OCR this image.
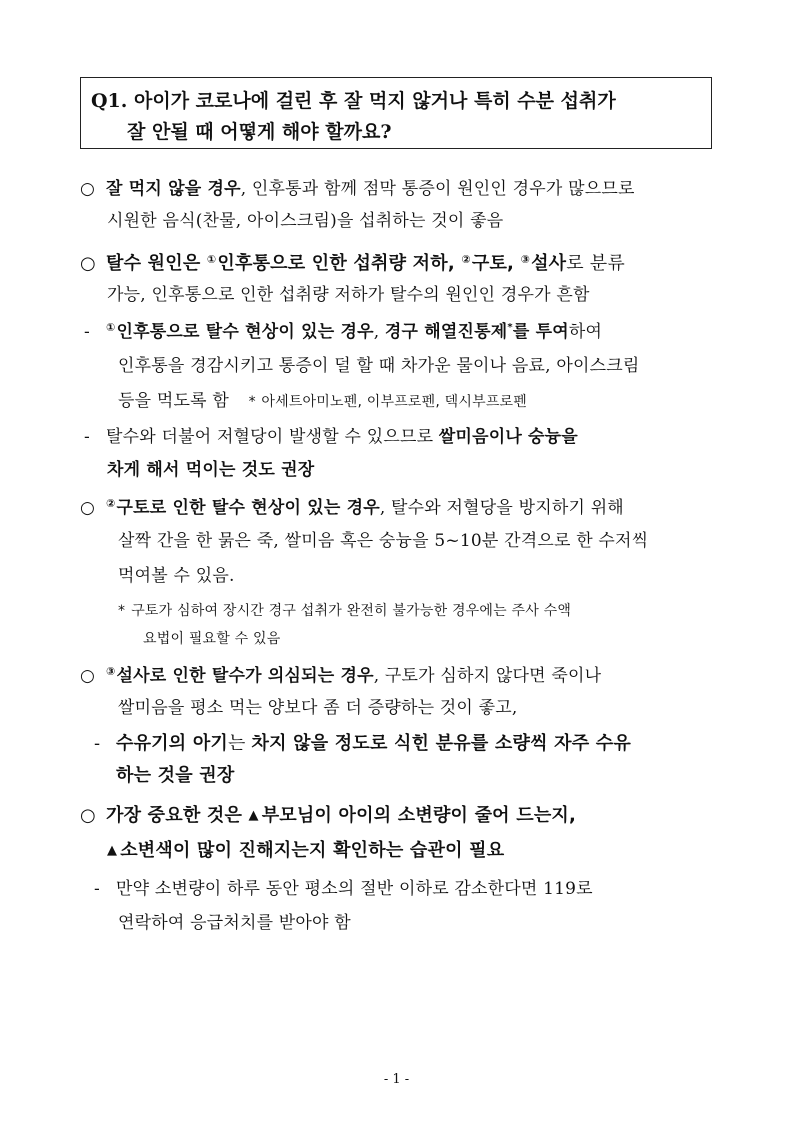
Q1. 아이가 코로나에 걸린 후 잘 먹지 않거나 특히 수분 섭취가
잘 안될 때 어떻게 해야 할까요?
○ 잘 먹지 않을 경우, 인후통과 함께 점막 통증이 원인인 경우가 많으므로
시원한 음식(찬물, 아이스크림)을 섭취하는 것이 좋음
○ 탈수 원인은 ①인후통으로 인한 섭취량 저하, ②구토, ③설사로 분류
가능, 인후통으로 인한 섭취량 저하가 탈수의 원인인 경우가 흔함
- ①인후통으로 탈수 현상이 있는 경우, 경구 해열진통제*를 투여하여
인후통을 경감시키고 통증이 덜 할 때 차가운 물이나 음료, 아이스크림
등을 먹도록 함 * 아세트아미노펜, 이부프로펜, 덱시부프로펜
- 탈수와 더불어 저혈당이 발생할 수 있으므로 쌀미음이나 숭늉을
차게 해서 먹이는 것도 권장
○ ②구토로 인한 탈수 현상이 있는 경우, 탈수와 저혈당을 방지하기 위해
살짝 간을 한 묽은 죽, 쌀미음 혹은 숭늉을 5~10분 간격으로 한 수저씩
먹여볼 수 있음.
* 구토가 심하여 장시간 경구 섭취가 완전히 불가능한 경우에는 주사 수액
요법이 필요할 수 있음
○ ③설사로 인한 탈수가 의심되는 경우, 구토가 심하지 않다면 죽이나
쌀미음을 평소 먹는 양보다 좀 더 증량하는 것이 좋고,
- 수유기의 아기는 차지 않을 정도로 식힌 분유를 소량씩 자주 수유
하는 것을 권장
○ 가장 중요한 것은 ▲ 부모님이 아이의 소변량이 줄어 드는지,
▲ 소변색이 많이 진해지는지 확인하는 습관이 필요
- 만약 소변량이 하루 동안 평소의 절반 이하로 감소한다면 119로
연락하여 응급처치를 받아야 함
- 1 -
